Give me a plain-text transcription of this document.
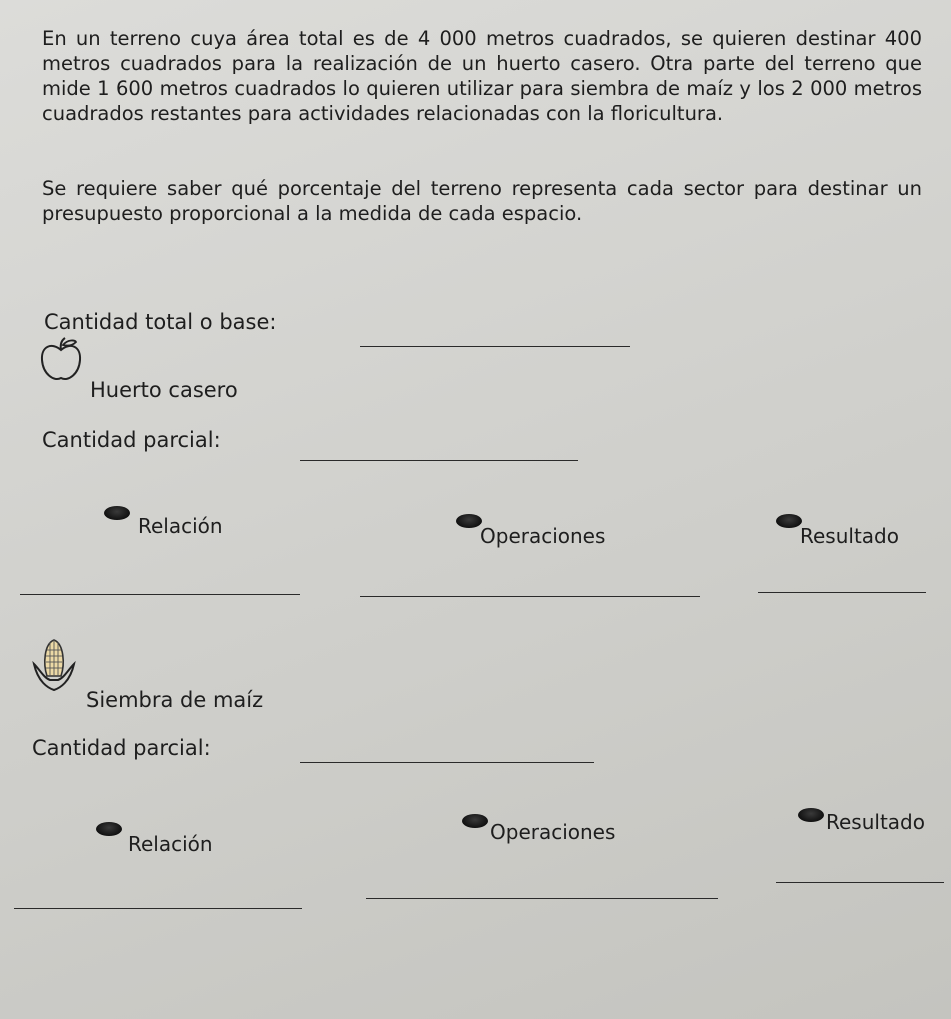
En un terreno cuya área total es de 4 000 metros cuadrados, se quieren destinar 400 metros cuadrados para la realización de un huerto casero. Otra parte del terreno que mide 1 600 metros cuadrados lo quieren utilizar para siembra de maíz y los 2 000 metros cuadrados restantes para actividades relacionadas con la floricultura.

Se requiere saber qué porcentaje del terreno representa cada sector para destinar un presupuesto proporcional a la medida de cada espacio.

Cantidad total o base:
Huerto casero
Cantidad parcial:
Relación	Operaciones	Resultado
Siembra de maíz
Cantidad parcial:
Relación	Operaciones	Resultado
